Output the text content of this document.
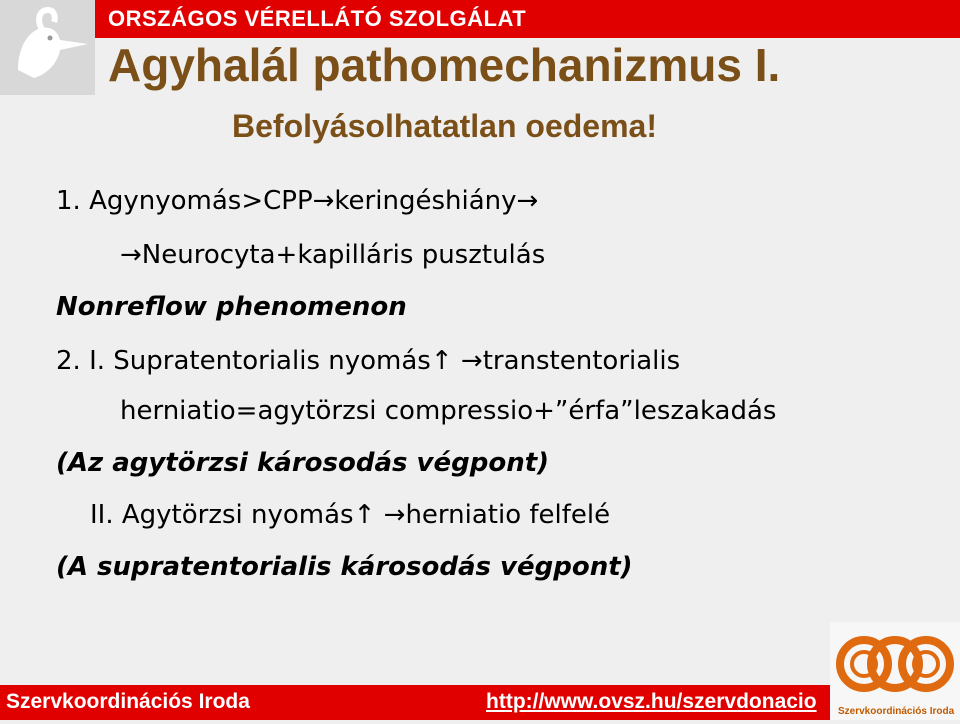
ORSZÁGOS VÉRELLÁTÓ SZOLGÁLAT
Agyhalál pathomechanizmus I.
Befolyásolhatatlan oedema!
1. Agynyomás>CPP→keringéshiány→
→Neurocyta+kapilláris pusztulás
Nonreflow phenomenon
2. I. Supratentorialis nyomás↑ →transtentorialis
herniatio=agytörzsi compressio+”érfa”leszakadás
(Az agytörzsi károsodás végpont)
II. Agytörzsi nyomás↑ →herniatio felfelé
(A supratentorialis károsodás végpont)
Szervkoordinációs Iroda	http://www.ovsz.hu/szervdonacio Szervkoordinációs Iroda
